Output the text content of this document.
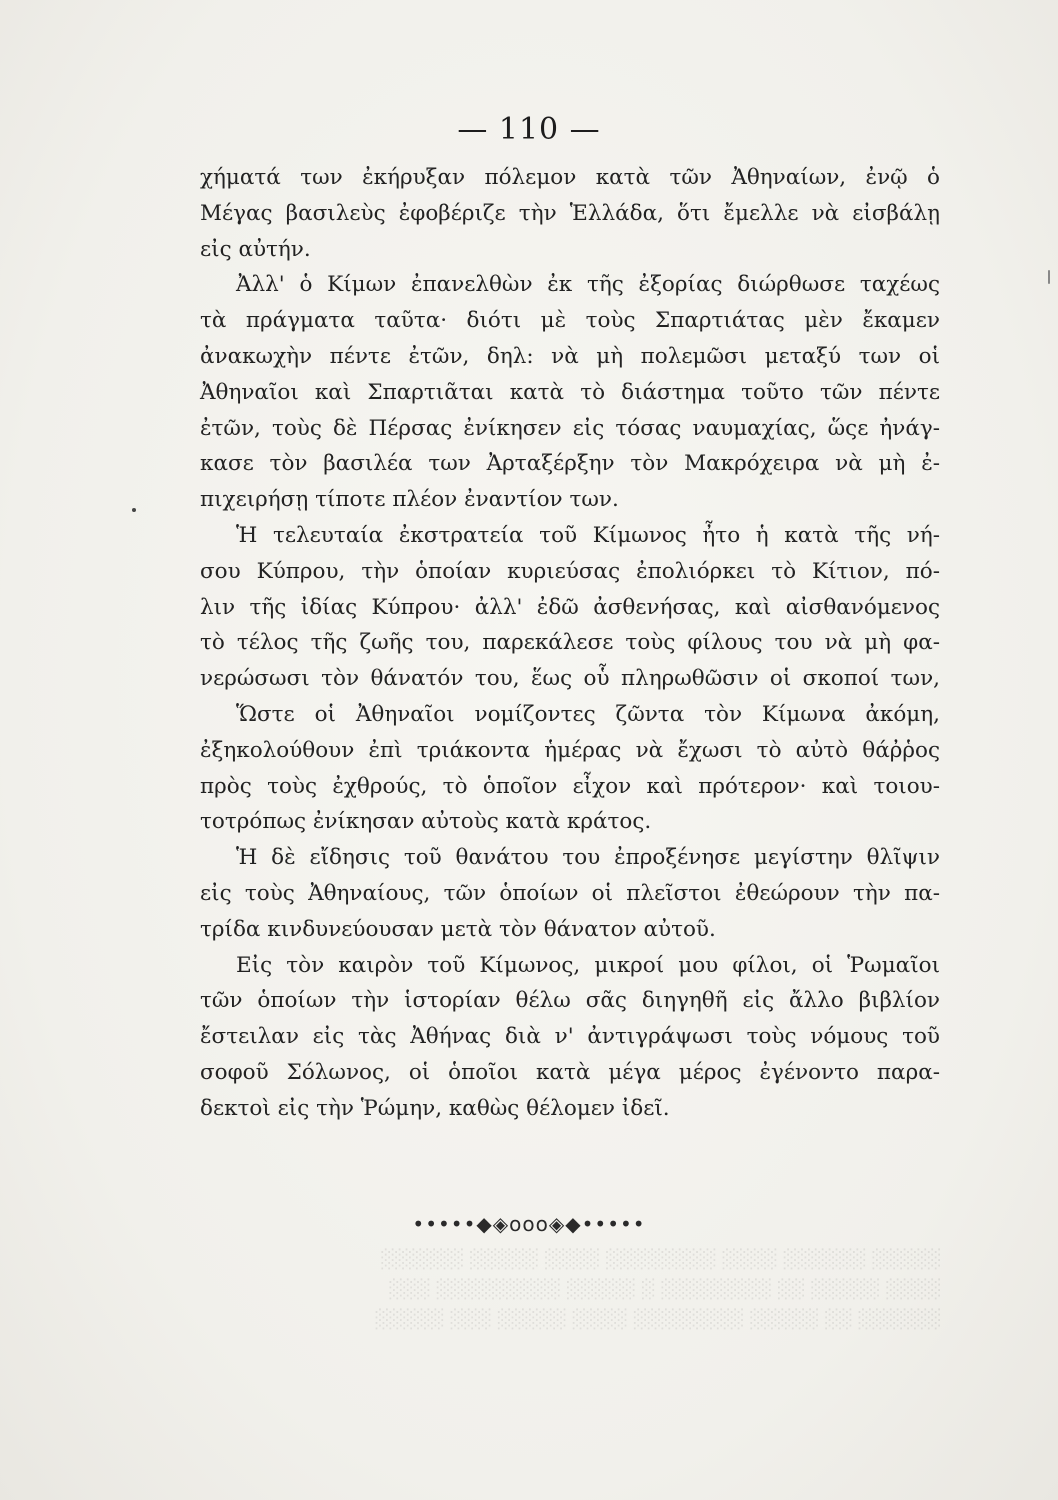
— 110 —
χήματά των ἐκήρυξαν πόλεμον κατὰ τῶν Ἀθηναίων, ἐνῷ ὁ
Μέγας βασιλεὺς ἐφοβέριζε τὴν Ἑλλάδα, ὅτι ἔμελλε νὰ εἰσβάλῃ
εἰς αὐτήν.
Ἀλλ' ὁ Κίμων ἐπανελθὼν ἐκ τῆς ἐξορίας διώρθωσε ταχέως
τὰ πράγματα ταῦτα· διότι μὲ τοὺς Σπαρτιάτας μὲν ἔκαμεν
ἀνακωχὴν πέντε ἐτῶν, δηλ: νὰ μὴ πολεμῶσι μεταξύ των οἱ
Ἀθηναῖοι καὶ Σπαρτιᾶται κατὰ τὸ διάστημα τοῦτο τῶν πέντε
ἐτῶν, τοὺς δὲ Πέρσας ἐνίκησεν εἰς τόσας ναυμαχίας, ὥςε ἠνάγ-
κασε τὸν βασιλέα των Ἀρταξέρξην τὸν Μακρόχειρα νὰ μὴ ἐ-
πιχειρήσῃ τίποτε πλέον ἐναντίον των.
Ἡ τελευταία ἐκστρατεία τοῦ Κίμωνος ἦτο ἡ κατὰ τῆς νή-
σου Κύπρου, τὴν ὁποίαν κυριεύσας ἐπολιόρκει τὸ Κίτιον, πό-
λιν τῆς ἰδίας Κύπρου· ἀλλ' ἐδῶ ἀσθενήσας, καὶ αἰσθανόμενος
τὸ τέλος τῆς ζωῆς του, παρεκάλεσε τοὺς φίλους του νὰ μὴ φα-
νερώσωσι τὸν θάνατόν του, ἕως οὗ πληρωθῶσιν οἱ σκοποί των,
Ὥστε οἱ Ἀθηναῖοι νομίζοντες ζῶντα τὸν Κίμωνα ἀκόμη,
ἐξηκολούθουν ἐπὶ τριάκοντα ἡμέρας νὰ ἔχωσι τὸ αὐτὸ θάῤῥος
πρὸς τοὺς ἐχθρούς, τὸ ὁποῖον εἶχον καὶ πρότερον· καὶ τοιου-
τοτρόπως ἐνίκησαν αὐτοὺς κατὰ κράτος.
Ἡ δὲ εἴδησις τοῦ θανάτου του ἐπροξένησε μεγίστην θλῖψιν
εἰς τοὺς Ἀθηναίους, τῶν ὁποίων οἱ πλεῖστοι ἐθεώρουν τὴν πα-
τρίδα κινδυνεύουσαν μετὰ τὸν θάνατον αὐτοῦ.
Εἰς τὸν καιρὸν τοῦ Κίμωνος, μικροί μου φίλοι, οἱ Ῥωμαῖοι
τῶν ὁποίων τὴν ἱστορίαν θέλω σᾶς διηγηθῆ εἰς ἄλλο βιβλίον
ἔστειλαν εἰς τὰς Ἀθήνας διὰ ν' ἀντιγράψωσι τοὺς νόμους τοῦ
σοφοῦ Σόλωνος, οἱ ὁποῖοι κατὰ μέγα μέρος ἐγένοντο παρα-
δεκτοὶ εἰς τὴν Ῥώμην, καθὼς θέλομεν ἰδεῖ.
•••••◆◈ooo◈◆•••••
░░░░░ ░░░░░░ ░░░░ ░░░░░░░░ ░░░░ ░░░░░ ░░░░░░
░░░░ ░░░░░ ░░ ░░░░░░░░ ░ ░░░░░ ░░░░░░░░░ ░░░
░░░░░░ ░░ ░░░░░ ░░░░░░░░ ░░░░ ░░░░░ ░░░ ░░░░░
